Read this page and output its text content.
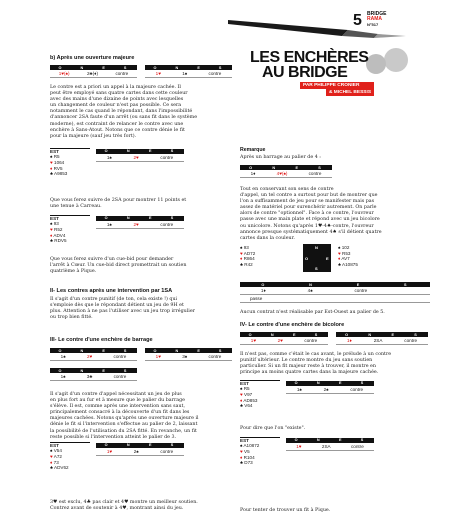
5 BRIDGE
RAMA
N°517
LES ENCHÈRES
AU BRIDGE
PAR PHILIPPE CRONIER
& MICHEL BESSIS
b) Après une ouverture majeure
O	N	E	S
1♥(♠)	2♣(♦)	contre
O	N	E	S
1♥	1♠	contre
Le contre est a priori un appel à la majeure cachée. Il
peut être employé sans quatre cartes dans cette couleur
avec des mains d'une dizaine de points avec lesquelles
un changement de couleur n'est pas possible. Ce sera
notamment le cas quand le répondant, dans l'impossibilité
d'annoncer 2SA faute d'un arrêt (ou sans fit dans le système
moderne), est contraint de relancer le contre avec une
enchère à Sans-Atout. Notons que ce contre dénie le fit
pour la majeure (sauf jeu très fort).
EST
♠ R5
♥ 1064
♦ RV5
♣ A9853
O	N	E	S
1♠	2♥	contre
Que vous ferez suivre de 2SA pour montrer 11 points et
une tenue à Carreau.
EST
♠ 93
♥ R52
♦ ADV4
♣ RDV5
O	N	E	S
1♠	2♥	contre
Que vous ferez suivre d'un cue-bid pour demander
l'arrêt à Cœur. Un cue-bid direct promettrait un soutien
quatrième à Pique.
II- Les contres après une intervention par 1SA
Il s'agit d'un contre punitif (de ton, cela existe !) qui
s'emploie dès que le répondant détient un jeu de 9H et
plus. Attention à ne pas l'utiliser avec un jeu trop irrégulier
ou trop bien fitté.
III- Le contre d'une enchère de barrage
O	N	E	S
1♠	2♥	contre
O	N	E	S
1♥	3♠	contre
O	N	E	S
1♠	3♣	contre
Il s'agit d'un contre d'appel nécessitant un jeu de plus
en plus fort au fur et à mesure que le palier du barrage
s'élève. Il est, comme après une intervention sans saut,
principalement consacré à la découverte d'un fit dans les
majeures cachées. Notons qu'après une ouverture majeure il
dénie le fit si l'intervention s'effectue au palier de 2, laissant
la possibilité de l'utilisation du 2SA fitté. En revanche, un fit
reste possible si l'intervention atteint le palier de 3.
EST
♠ V54
♥ A72
♦ 73
♣ ADV62
O	N	E	S
1♥	2♠	contre
3♥ est exclu, 4♣ pas clair et 4♥ montre un meilleur soutien.
Contrez avant de soutenir à 4♥, montrant ainsi du jeu.
Remarque
Après un barrage au palier de 4 :
O	N	E	S
1♦	4♥(♠)	contre
Tout en conservant son sens de contre
d'appel, un tel contre a surtout pour but de montrer que
l'on a suffisamment de jeu pour se manifester mais pas
assez de matériel pour surenchérir autrement. On parle
alors de contre "optionnel". Face à ce contre, l'ouvreur
passe avec une main plate et répond avec un jeu bicolore
ou unicolore. Notons qu'après 1♥-4♠-contre, l'ouvreur
annonce presque systématiquement 4♠ s'il détient quatre
cartes dans la couleur.
♠ 93
♥ AD72
♦ R864
♣ R42
N
O	E
S
♠ 102
♥ R53
♦ AV7
♣ A10875
O	N	E	S
1♦	4♠	contre
passe
Aucun contrat n'est réalisable par Est-Ouest au palier de 5.
IV- Le contre d'une enchère de bicolore
O	N	E	S
1♥	2♥	contre
O	N	E	S
1♦	2SA	contre
Il n'est pas, comme c'était le cas avant, le prélude à un contre
punitif ultérieur. Le contre montre du jeu sans soutien
particulier. Si un fit majeur reste à trouver, il montre en
principe au moins quatre cartes dans la majeure cachée.
EST
♠ R5
♥ V97
♦ AD853
♣ V64
O	N	E	S
1♠	2♠	contre
Pour dire que l'on "existe".
EST
♠ A10872
♥ V5
♦ R104
♣ D73
O	N	E	S
1♥	2SA	contre
Pour tenter de trouver un fit à Pique.
